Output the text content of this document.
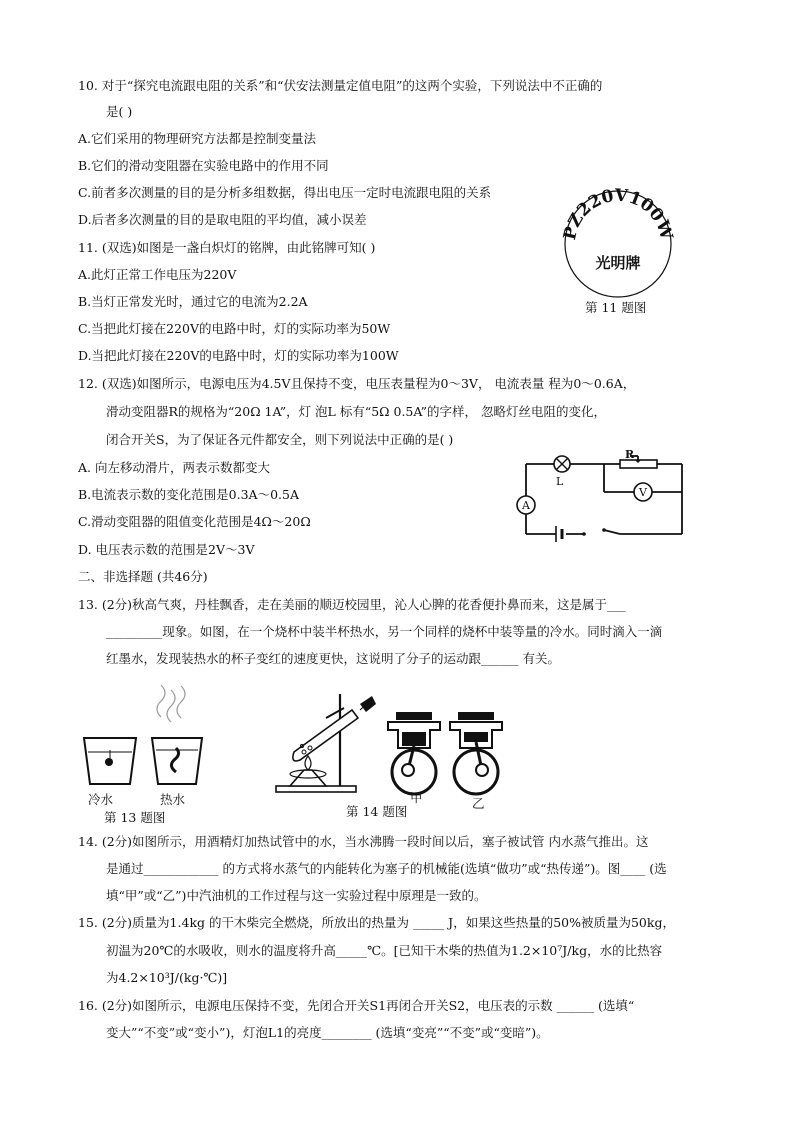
10. 对于“探究电流跟电阻的关系”和“伏安法测量定值电阻”的这两个实验，下列说法中不正确的
是( )
A.它们采用的物理研究方法都是控制变量法
B.它们的滑动变阻器在实验电路中的作用不同
C.前者多次测量的目的是分析多组数据，得出电压一定时电流跟电阻的关系
D.后者多次测量的目的是取电阻的平均值，减小误差
11. (双选)如图是一盏白炽灯的铭牌，由此铭牌可知( )
A.此灯正常工作电压为220V
B.当灯正常发光时，通过它的电流为2.2A
C.当把此灯接在220V的电路中时，灯的实际功率为50W
D.当把此灯接在220V的电路中时，灯的实际功率为100W
PZ220V100W
光明牌
第 11 题图
12. (双选)如图所示，电源电压为4.5V且保持不变，电压表量程为0～3V， 电流表量 程为0～0.6A，
滑动变阻器R的规格为“20Ω 1A”，灯 泡L 标有“5Ω 0.5A”的字样， 忽略灯丝电阻的变化，
闭合开关S，为了保证各元件都安全，则下列说法中正确的是( )
A. 向左移动滑片，两表示数都变大
B.电流表示数的变化范围是0.3A～0.5A
C.滑动变阻器的阻值变化范围是4Ω～20Ω
D. 电压表示数的范围是2V～3V
R
L
V
A
二、非选择题 (共46分)
13. (2分)秋高气爽，丹桂飘香，走在美丽的顺迈校园里，沁人心脾的花香便扑鼻而来，这是属于___
_________现象。如图，在一个烧杯中装半杯热水，另一个同样的烧杯中装等量的冷水。同时滴入一滴
红墨水，发现装热水的杯子变红的速度更快，这说明了分子的运动跟______ 有关。
冷水	热水
第 13 题图
甲	乙
第 14 题图
14. (2分)如图所示，用酒精灯加热试管中的水，当水沸腾一段时间以后，塞子被试管 内水蒸气推出。这
是通过____________ 的方式将水蒸气的内能转化为塞子的机械能(选填“做功”或“热传递”)。图____ (选
填“甲”或“乙”)中汽油机的工作过程与这一实验过程中原理是一致的。
15. (2分)质量为1.4kg 的干木柴完全燃烧，所放出的热量为 _____ J，如果这些热量的50%被质量为50kg，
初温为20℃的水吸收，则水的温度将升高_____℃。[已知干木柴的热值为1.2×10⁷J/kg，水的比热容
为4.2×10³J/(kg·℃)]
16. (2分)如图所示，电源电压保持不变，先闭合开关S1再闭合开关S2，电压表的示数 ______ (选填“
变大”“不变”或“变小”)，灯泡L1的亮度________ (选填“变亮”“不变”或“变暗”)。
